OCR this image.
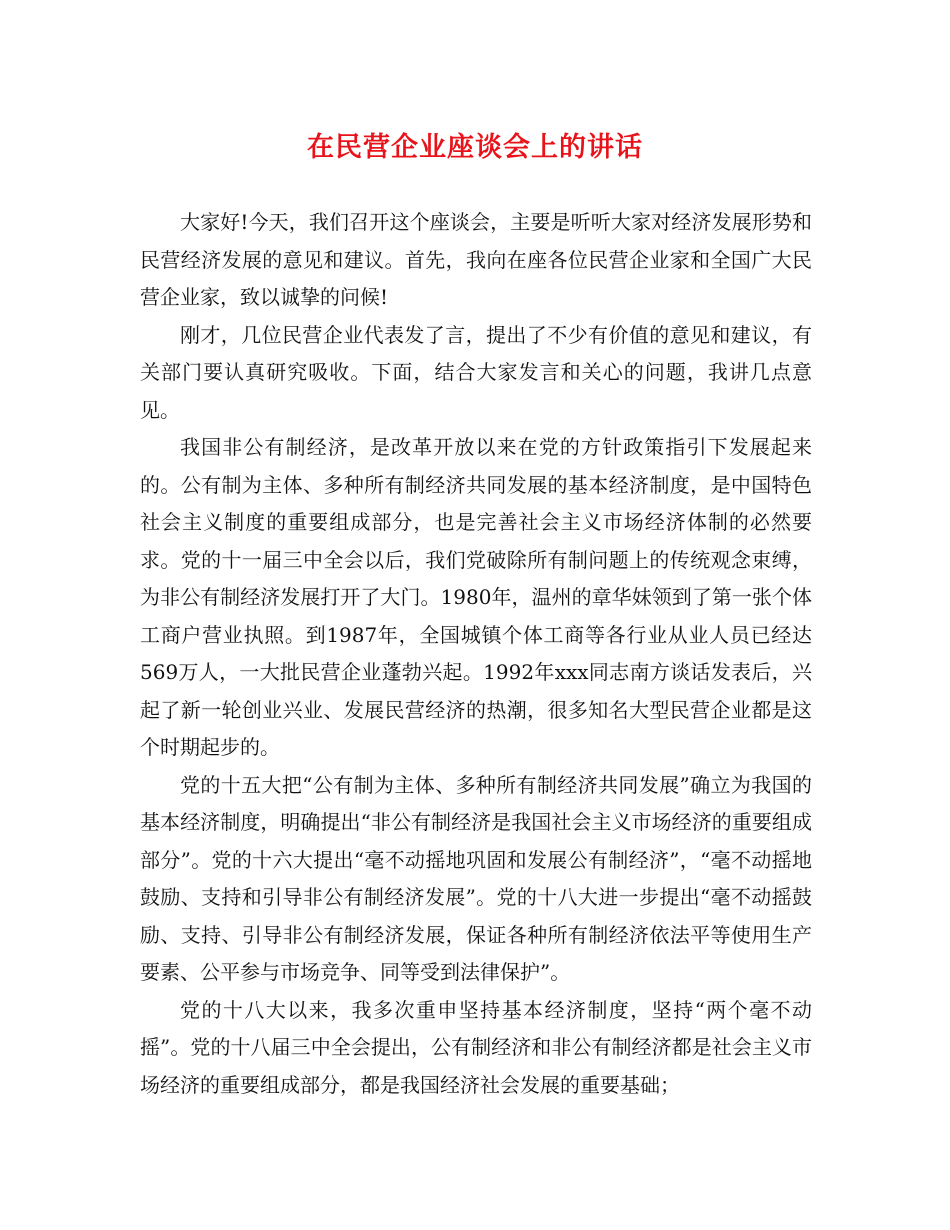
在民营企业座谈会上的讲话

大家好!今天，我们召开这个座谈会，主要是听听大家对经济发展形势和民营经济发展的意见和建议。首先，我向在座各位民营企业家和全国广大民营企业家，致以诚挚的问候!

刚才，几位民营企业代表发了言，提出了不少有价值的意见和建议，有关部门要认真研究吸收。下面，结合大家发言和关心的问题，我讲几点意见。

我国非公有制经济，是改革开放以来在党的方针政策指引下发展起来的。公有制为主体、多种所有制经济共同发展的基本经济制度，是中国特色社会主义制度的重要组成部分，也是完善社会主义市场经济体制的必然要求。党的十一届三中全会以后，我们党破除所有制问题上的传统观念束缚，为非公有制经济发展打开了大门。1980年，温州的章华妹领到了第一张个体工商户营业执照。到1987年，全国城镇个体工商等各行业从业人员已经达569万人，一大批民营企业蓬勃兴起。1992年xxx同志南方谈话发表后，兴起了新一轮创业兴业、发展民营经济的热潮，很多知名大型民营企业都是这个时期起步的。

党的十五大把“公有制为主体、多种所有制经济共同发展”确立为我国的基本经济制度，明确提出“非公有制经济是我国社会主义市场经济的重要组成部分”。党的十六大提出“毫不动摇地巩固和发展公有制经济”，“毫不动摇地鼓励、支持和引导非公有制经济发展”。党的十八大进一步提出“毫不动摇鼓励、支持、引导非公有制经济发展，保证各种所有制经济依法平等使用生产要素、公平参与市场竞争、同等受到法律保护”。

党的十八大以来，我多次重申坚持基本经济制度，坚持“两个毫不动摇”。党的十八届三中全会提出，公有制经济和非公有制经济都是社会主义市场经济的重要组成部分，都是我国经济社会发展的重要基础；
